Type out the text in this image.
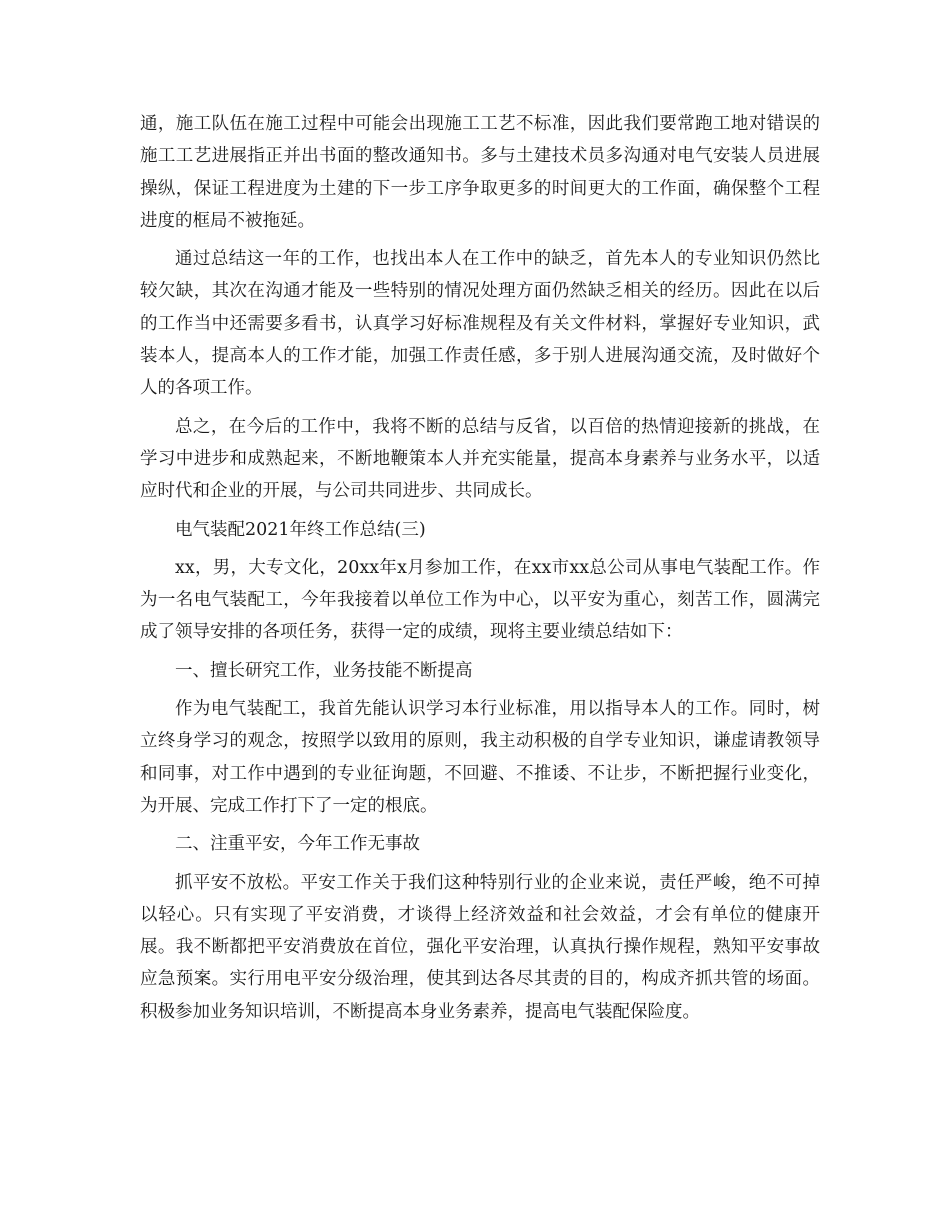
通，施工队伍在施工过程中可能会出现施工工艺不标准，因此我们要常跑工地对错误的施工工艺进展指正并出书面的整改通知书。多与土建技术员多沟通对电气安装人员进展操纵，保证工程进度为土建的下一步工序争取更多的时间更大的工作面，确保整个工程进度的框局不被拖延。

通过总结这一年的工作，也找出本人在工作中的缺乏，首先本人的专业知识仍然比较欠缺，其次在沟通才能及一些特别的情况处理方面仍然缺乏相关的经历。因此在以后的工作当中还需要多看书，认真学习好标准规程及有关文件材料，掌握好专业知识，武装本人，提高本人的工作才能，加强工作责任感，多于别人进展沟通交流，及时做好个人的各项工作。

总之，在今后的工作中，我将不断的总结与反省，以百倍的热情迎接新的挑战，在学习中进步和成熟起来，不断地鞭策本人并充实能量，提高本身素养与业务水平，以适应时代和企业的开展，与公司共同进步、共同成长。

电气装配2021年终工作总结(三)

xx，男，大专文化，20xx年x月参加工作，在xx市xx总公司从事电气装配工作。作为一名电气装配工，今年我接着以单位工作为中心，以平安为重心，刻苦工作，圆满完成了领导安排的各项任务，获得一定的成绩，现将主要业绩总结如下：

一、擅长研究工作，业务技能不断提高

作为电气装配工，我首先能认识学习本行业标准，用以指导本人的工作。同时，树立终身学习的观念，按照学以致用的原则，我主动积极的自学专业知识，谦虚请教领导和同事，对工作中遇到的专业征询题，不回避、不推诿、不让步，不断把握行业变化，为开展、完成工作打下了一定的根底。

二、注重平安，今年工作无事故

抓平安不放松。平安工作关于我们这种特别行业的企业来说，责任严峻，绝不可掉以轻心。只有实现了平安消费，才谈得上经济效益和社会效益，才会有单位的健康开展。我不断都把平安消费放在首位，强化平安治理，认真执行操作规程，熟知平安事故应急预案。实行用电平安分级治理，使其到达各尽其责的目的，构成齐抓共管的场面。积极参加业务知识培训，不断提高本身业务素养，提高电气装配保险度。
